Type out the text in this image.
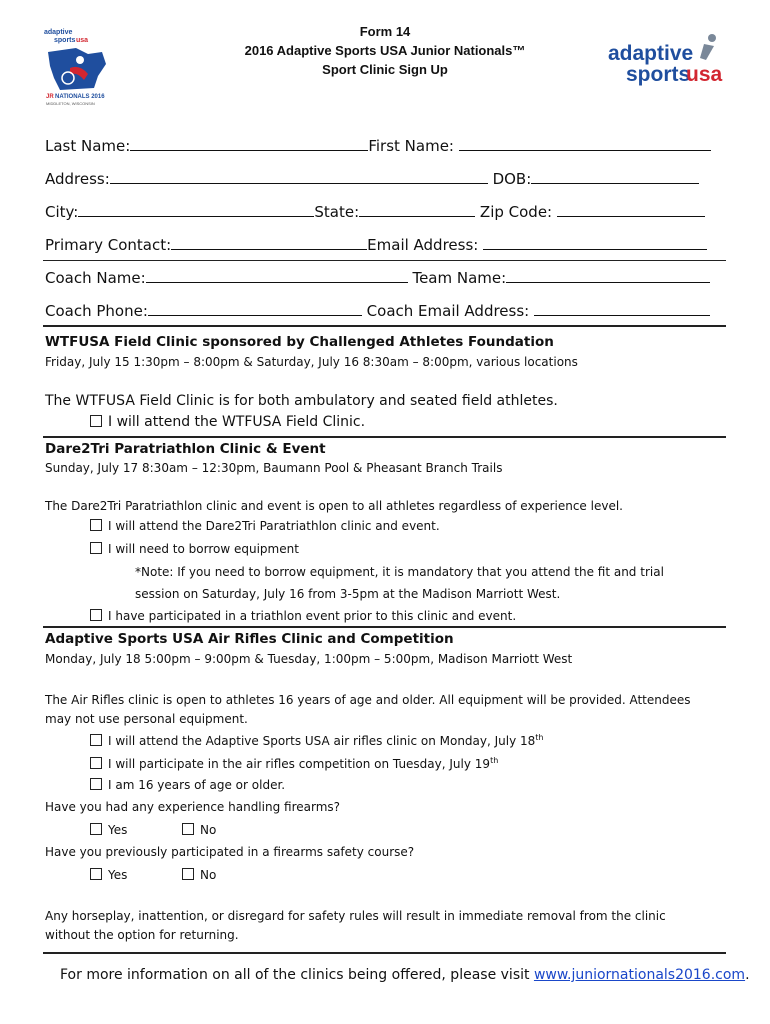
adaptive
sports usa
JR NATIONALS 2016
MIDDLETON, WISCONSIN
Form 14
2016 Adaptive Sports USA Junior Nationals™
Sport Clinic Sign Up
adaptive
sports
usa
Last Name:	First Name:
Address:	DOB:
City:	State:	Zip Code:
Primary Contact:	Email Address:
Coach Name:	Team Name:
Coach Phone:	Coach Email Address:
WTFUSA Field Clinic sponsored by Challenged Athletes Foundation
Friday, July 15 1:30pm – 8:00pm & Saturday, July 16 8:30am – 8:00pm, various locations
The WTFUSA Field Clinic is for both ambulatory and seated field athletes.
I will attend the WTFUSA Field Clinic.
Dare2Tri Paratriathlon Clinic & Event
Sunday, July 17 8:30am – 12:30pm, Baumann Pool & Pheasant Branch Trails
The Dare2Tri Paratriathlon clinic and event is open to all athletes regardless of experience level.
I will attend the Dare2Tri Paratriathlon clinic and event.
I will need to borrow equipment
*Note: If you need to borrow equipment, it is mandatory that you attend the fit and trial
session on Saturday, July 16 from 3-5pm at the Madison Marriott West.
I have participated in a triathlon event prior to this clinic and event.
Adaptive Sports USA Air Rifles Clinic and Competition
Monday, July 18 5:00pm – 9:00pm & Tuesday, 1:00pm – 5:00pm, Madison Marriott West
The Air Rifles clinic is open to athletes 16 years of age and older. All equipment will be provided. Attendees
may not use personal equipment.
I will attend the Adaptive Sports USA air rifles clinic on Monday, July 18th
I will participate in the air rifles competition on Tuesday, July 19th
I am 16 years of age or older.
Have you had any experience handling firearms?
Yes	No
Have you previously participated in a firearms safety course?
Yes	No
Any horseplay, inattention, or disregard for safety rules will result in immediate removal from the clinic
without the option for returning.
For more information on all of the clinics being offered, please visit www.juniornationals2016.com.
